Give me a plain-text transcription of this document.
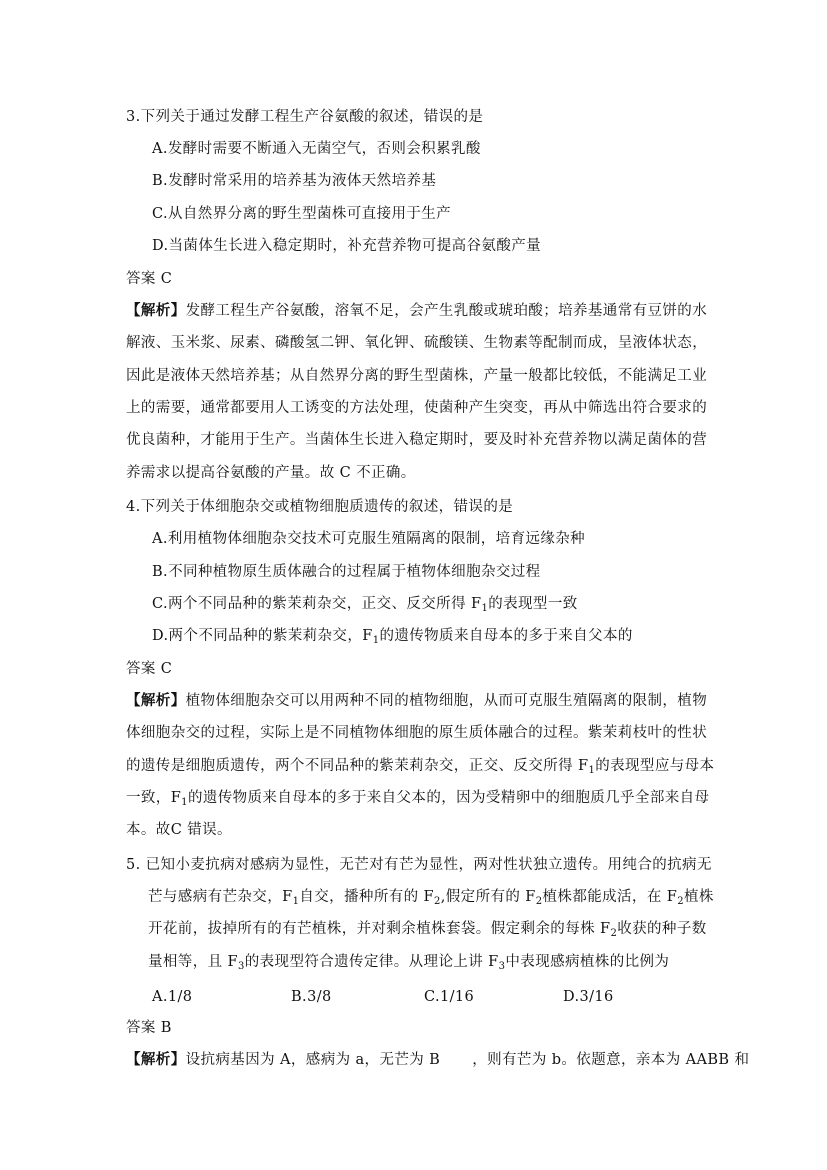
3.下列关于通过发酵工程生产谷氨酸的叙述，错误的是
A.发酵时需要不断通入无菌空气，否则会积累乳酸
B.发酵时常采用的培养基为液体天然培养基
C.从自然界分离的野生型菌株可直接用于生产
D.当菌体生长进入稳定期时，补充营养物可提高谷氨酸产量
答案 C
【解析】发酵工程生产谷氨酸，溶氧不足，会产生乳酸或琥珀酸；培养基通常有豆饼的水
解液、玉米浆、尿素、磷酸氢二钾、氧化钾、硫酸镁、生物素等配制而成，呈液体状态，
因此是液体天然培养基；从自然界分离的野生型菌株，产量一般都比较低，不能满足工业
上的需要，通常都要用人工诱变的方法处理，使菌种产生突变，再从中筛选出符合要求的
优良菌种，才能用于生产。当菌体生长进入稳定期时，要及时补充营养物以满足菌体的营
养需求以提高谷氨酸的产量。故 C 不正确。
4.下列关于体细胞杂交或植物细胞质遗传的叙述，错误的是
A.利用植物体细胞杂交技术可克服生殖隔离的限制，培育远缘杂种
B.不同种植物原生质体融合的过程属于植物体细胞杂交过程
C.两个不同品种的紫茉莉杂交，正交、反交所得 $F_1$的表现型一致
D.两个不同品种的紫茉莉杂交，$F_1$的遗传物质来自母本的多于来自父本的
答案 C
【解析】植物体细胞杂交可以用两种不同的植物细胞，从而可克服生殖隔离的限制，植物
体细胞杂交的过程，实际上是不同植物体细胞的原生质体融合的过程。紫茉莉枝叶的性状
的遗传是细胞质遗传，两个不同品种的紫茉莉杂交，正交、反交所得 $F_1$的表现型应与母本
一致，$F_1$的遗传物质来自母本的多于来自父本的，因为受精卵中的细胞质几乎全部来自母
本。故C 错误。
5. 已知小麦抗病对感病为显性，无芒对有芒为显性，两对性状独立遗传。用纯合的抗病无
芒与感病有芒杂交，$F_1$自交，播种所有的 $F_2$,假定所有的 $F_2$植株都能成活，在 $F_2$植株
开花前，拔掉所有的有芒植株，并对剩余植株套袋。假定剩余的每株 $F_2$收获的种子数
量相等，且 $F_3$的表现型符合遗传定律。从理论上讲 $F_3$中表现感病植株的比例为
A.1/8	B.3/8	C.1/16	D.3/16
答案 B
【解析】设抗病基因为 A，感病为 a，无芒为 B ，则有芒为 b。依题意，亲本为 AABB 和
